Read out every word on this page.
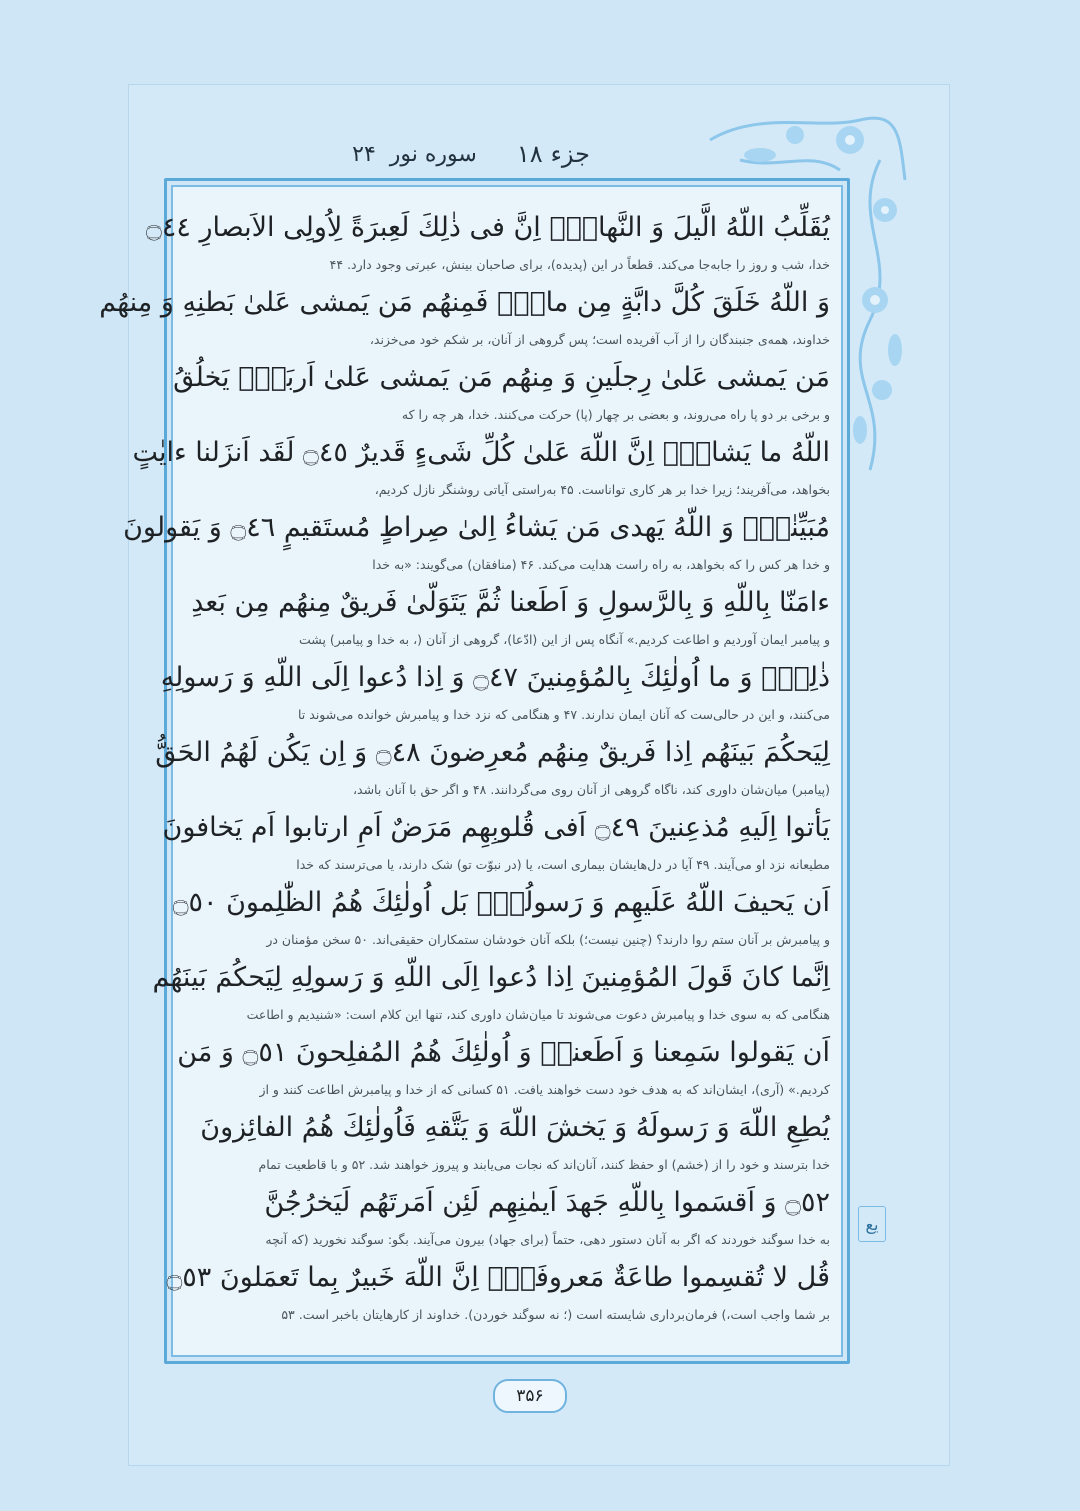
جزء
۱۸
سوره نور
۲۴
يُقَلِّبُ اللّهُ الَّيلَ وَ النَّهارَۚ اِنَّ فى ذٰلِكَ لَعِبرَةً لِاُولِى الاَبصارِ ۝٤٤
خدا، شب و روز را جابه‌جا می‌کند. قطعاً در این (پدیده)، برای صاحبان بینش، عبرتی وجود دارد. ۴۴
وَ اللّهُ خَلَقَ كُلَّ دابَّةٍ مِن ماءٍۚ فَمِنهُم مَن يَمشى عَلىٰ بَطنِهِ وَ مِنهُم
خداوند، همه‌ی جنبندگان را از آب آفریده است؛ پس گروهی از آنان، بر شکم خود می‌خزند،
مَن يَمشى عَلىٰ رِجلَينِ وَ مِنهُم مَن يَمشى عَلىٰ اَربَعٍۚ يَخلُقُ
و برخی بر دو پا راه می‌روند، و بعضی بر چهار (پا) حرکت می‌کنند. خدا، هر چه را که
اللّهُ ما يَشاءُۚ اِنَّ اللّهَ عَلىٰ كُلِّ شَىءٍ قَديرٌ ۝٤٥ لَقَد اَنزَلنا ءايٰتٍ
بخواهد، می‌آفریند؛ زیرا خدا بر هر کاری تواناست. ۴۵ به‌راستی آیاتی روشنگر نازل کردیم،
مُبَيِّنٰتٍۚ وَ اللّهُ يَهدى مَن يَشاءُ اِلىٰ صِراطٍ مُستَقيمٍ ۝٤٦ وَ يَقولونَ
و خدا هر کس را که بخواهد، به راه راست هدایت می‌کند. ۴۶ (منافقان) می‌گویند: «به خدا
ءامَنّا بِاللّهِ وَ بِالرَّسولِ وَ اَطَعنا ثُمَّ يَتَوَلّىٰ فَريقٌ مِنهُم مِن بَعدِ
و پیامبر ایمان آوردیم و اطاعت کردیم.» آنگاه پس از این (ادّعا)، گروهی از آنان (، به خدا و پیامبر) پشت
ذٰلِكَۚ وَ ما اُولٰئِكَ بِالمُؤمِنينَ ۝٤٧ وَ اِذا دُعوا اِلَى اللّهِ وَ رَسولِهِ
می‌کنند، و این در حالی‌ست که آنان ایمان ندارند. ۴۷ و هنگامی که نزد خدا و پیامبرش خوانده می‌شوند تا
لِيَحكُمَ بَينَهُم اِذا فَريقٌ مِنهُم مُعرِضونَ ۝٤٨ وَ اِن يَكُن لَهُمُ الحَقُّ
(پیامبر) میان‌شان داوری کند، ناگاه گروهی از آنان روی می‌گردانند. ۴۸ و اگر حق با آنان باشد،
يَأتوا اِلَيهِ مُذعِنينَ ۝٤٩ اَفى قُلوبِهِم مَرَضٌ اَمِ ارتابوا اَم يَخافونَ
مطیعانه نزد او می‌آیند. ۴۹ آیا در دل‌هایشان بیماری است، یا (در نبوّت تو) شک دارند، یا می‌ترسند که خدا
اَن يَحيفَ اللّهُ عَلَيهِم وَ رَسولُهُۚ بَل اُولٰئِكَ هُمُ الظّٰلِمونَ ۝٥٠
و پیامبرش بر آنان ستم روا دارند؟ (چنین نیست؛) بلکه آنان خودشان ستمکاران حقیقی‌اند. ۵۰ سخن مؤمنان در
اِنَّما كانَ قَولَ المُؤمِنينَ اِذا دُعوا اِلَى اللّهِ وَ رَسولِهِ لِيَحكُمَ بَينَهُم
هنگامی که به سوی خدا و پیامبرش دعوت می‌شوند تا میان‌شان داوری کند، تنها این کلام است: «شنیدیم و اطاعت
اَن يَقولوا سَمِعنا وَ اَطَعناۚ وَ اُولٰئِكَ هُمُ المُفلِحونَ ۝٥١ وَ مَن
کردیم.» (آری)، ایشان‌اند که به هدف خود دست خواهند یافت. ۵۱ کسانی که از خدا و پیامبرش اطاعت کنند و از
يُطِعِ اللّهَ وَ رَسولَهُ وَ يَخشَ اللّهَ وَ يَتَّقهِ فَاُولٰئِكَ هُمُ الفائِزونَ
خدا بترسند و خود را از (خشم) او حفظ کنند، آنان‌اند که نجات می‌یابند و پیروز خواهند شد. ۵۲ و با قاطعیت تمام
۝٥٢ وَ اَقسَموا بِاللّهِ جَهدَ اَيمٰنِهِم لَئِن اَمَرتَهُم لَيَخرُجُنَّ
به خدا سوگند خوردند که اگر به آنان دستور دهی، حتماً (برای جهاد) بیرون می‌آیند. بگو: سوگند نخورید (که آنچه
قُل لا تُقسِموا طاعَةٌ مَعروفَةٌۚ اِنَّ اللّهَ خَبيرٌ بِما تَعمَلونَ ۝٥٣
بر شما واجب است،) فرمان‌برداری شایسته است (؛ نه سوگند خوردن). خداوند از کارهایتان باخبر است. ۵۳
یع
۳۵۶
